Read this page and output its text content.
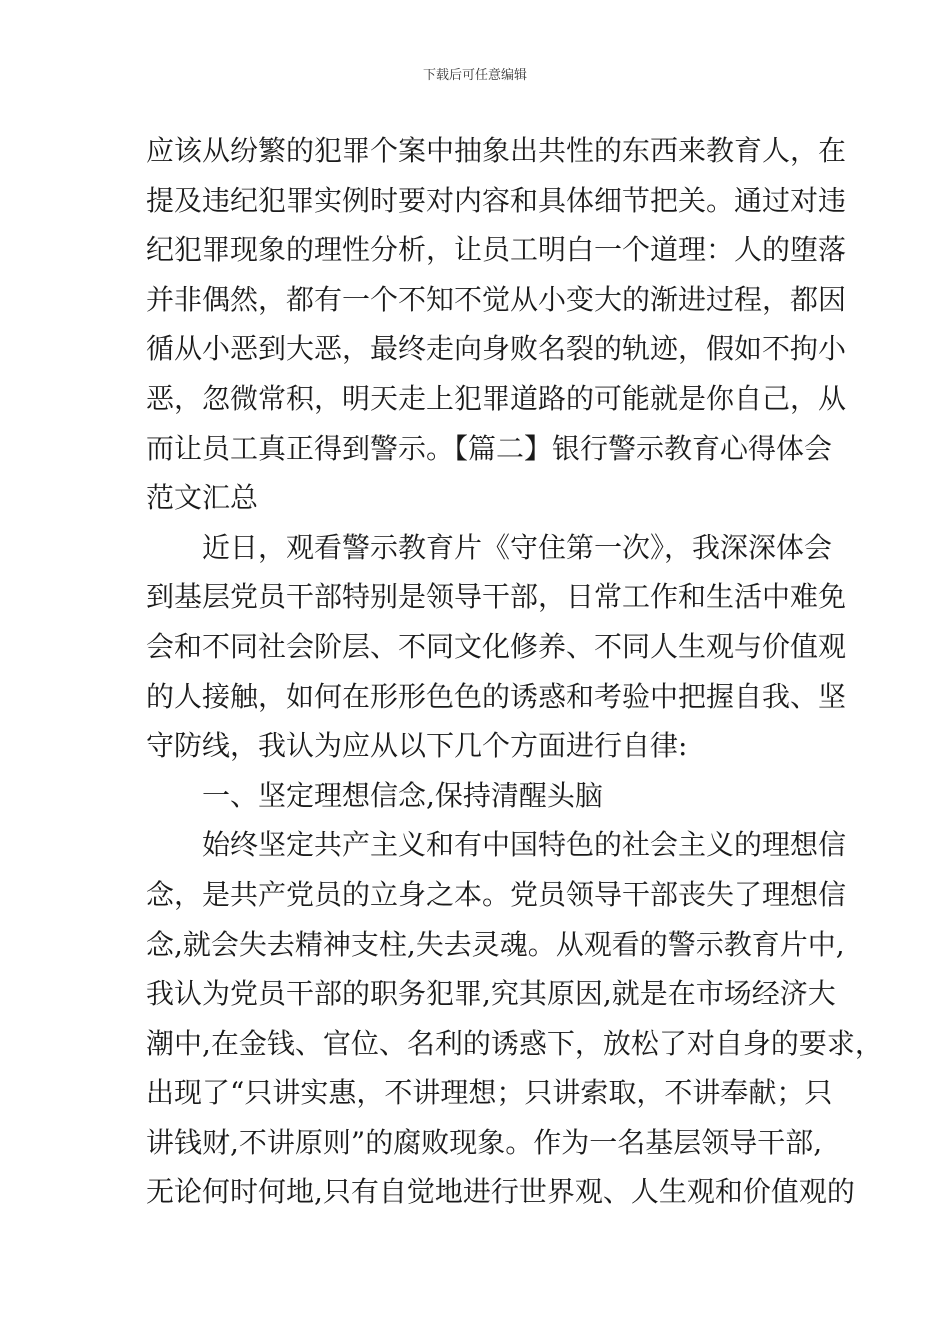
下载后可任意编辑
应该从纷繁的犯罪个案中抽象出共性的东西来教育人，在
提及违纪犯罪实例时要对内容和具体细节把关。通过对违
纪犯罪现象的理性分析，让员工明白一个道理：人的堕落
并非偶然，都有一个不知不觉从小变大的渐进过程，都因
循从小恶到大恶，最终走向身败名裂的轨迹，假如不拘小
恶，忽微常积，明天走上犯罪道路的可能就是你自己，从
而让员工真正得到警示。【篇二】银行警示教育心得体会
范文汇总
近日，观看警示教育片《守住第一次》，我深深体会
到基层党员干部特别是领导干部，日常工作和生活中难免
会和不同社会阶层、不同文化修养、不同人生观与价值观
的人接触，如何在形形色色的诱惑和考验中把握自我、坚
守防线，我认为应从以下几个方面进行自律:
一、坚定理想信念,保持清醒头脑
始终坚定共产主义和有中国特色的社会主义的理想信
念，是共产党员的立身之本。党员领导干部丧失了理想信
念,就会失去精神支柱,失去灵魂。从观看的警示教育片中,
我认为党员干部的职务犯罪,究其原因,就是在市场经济大
潮中,在金钱、官位、名利的诱惑下，放松了对自身的要求，
出现了“只讲实惠，不讲理想；只讲索取，不讲奉献；只
讲钱财,不讲原则”的腐败现象。作为一名基层领导干部,
无论何时何地,只有自觉地进行世界观、人生观和价值观的
